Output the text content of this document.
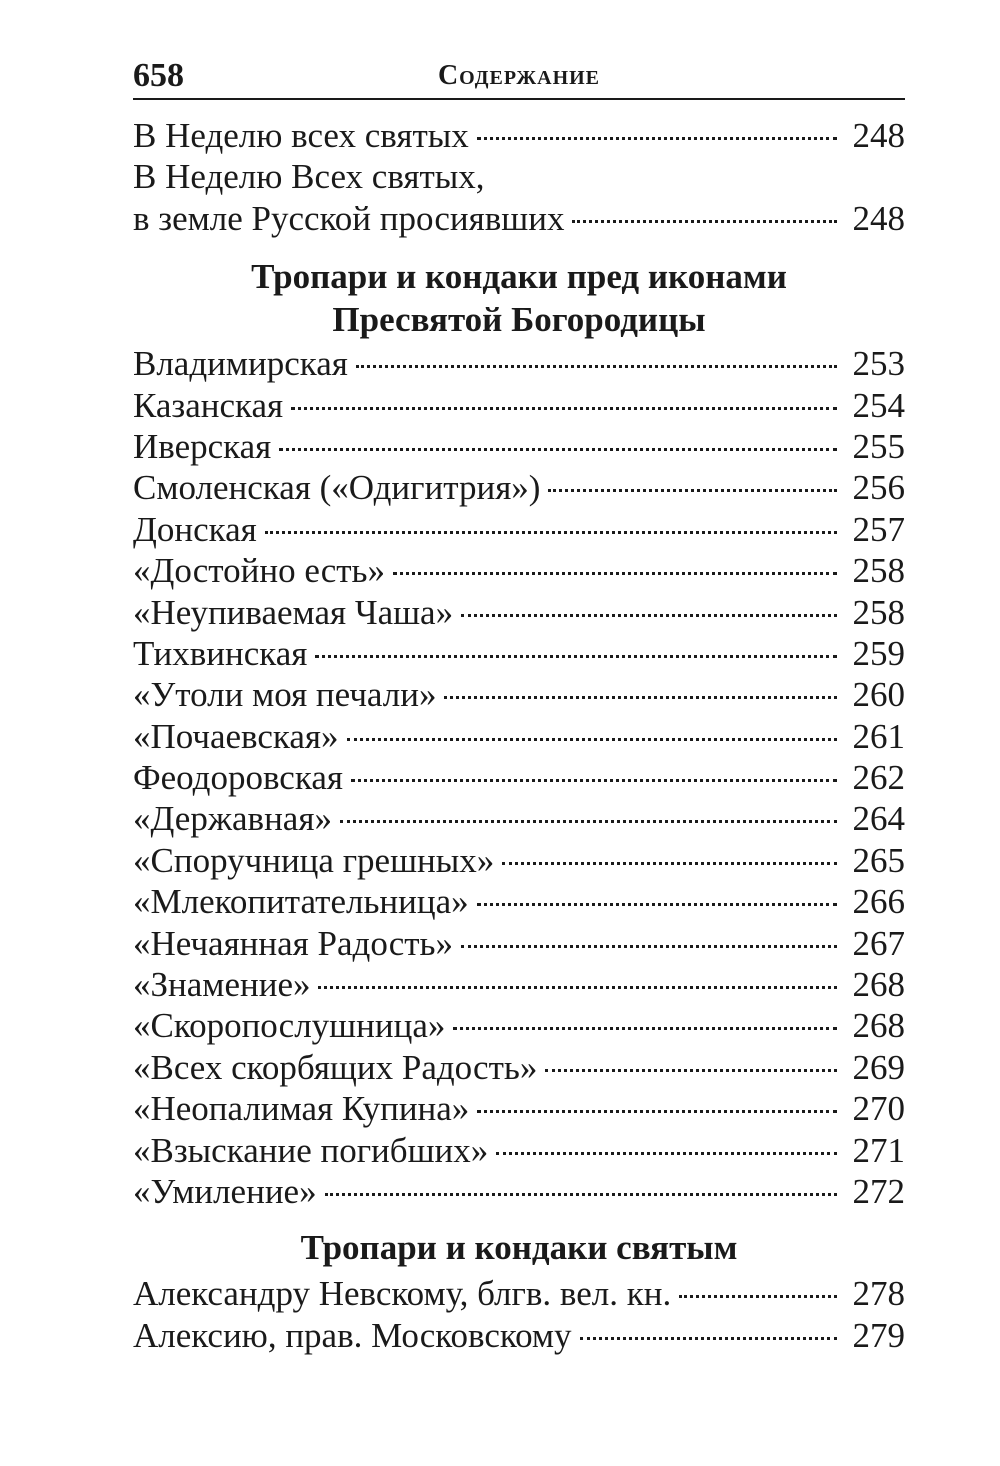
658	Содержание
В Неделю всех святых	248
В Неделю Всех святых,
в земле Русской просиявших	248
Тропари и кондаки пред иконами
Пресвятой Богородицы
Владимирская	253
Казанская	254
Иверская	255
Смоленская («Одигитрия»)	256
Донская	257
«Достойно есть»	258
«Неупиваемая Чаша»	258
Тихвинская	259
«Утоли моя печали»	260
«Почаевская»	261
Феодоровская	262
«Державная»	264
«Споручница грешных»	265
«Млекопитательница»	266
«Нечаянная Радость»	267
«Знамение»	268
«Скоропослушница»	268
«Всех скорбящих Радость»	269
«Неопалимая Купина»	270
«Взыскание погибших»	271
«Умиление»	272
Тропари и кондаки святым
Александру Невскому, блгв. вел. кн.	278
Алексию, прав. Московскому	279
